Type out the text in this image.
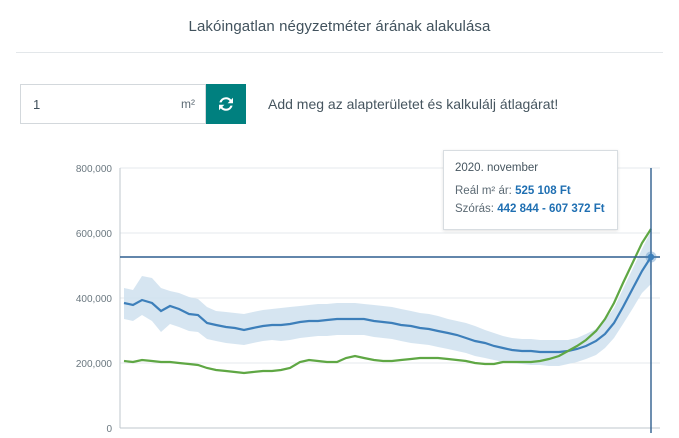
Lakóingatlan négyzetméter árának alakulása
1
m²	Add meg az alapterületet és kalkulálj átlagárat!
800,000
600,000
400,000
200,000
0
2020. november
Reál m² ár: 525 108 Ft
Szórás: 442 844 - 607 372 Ft
